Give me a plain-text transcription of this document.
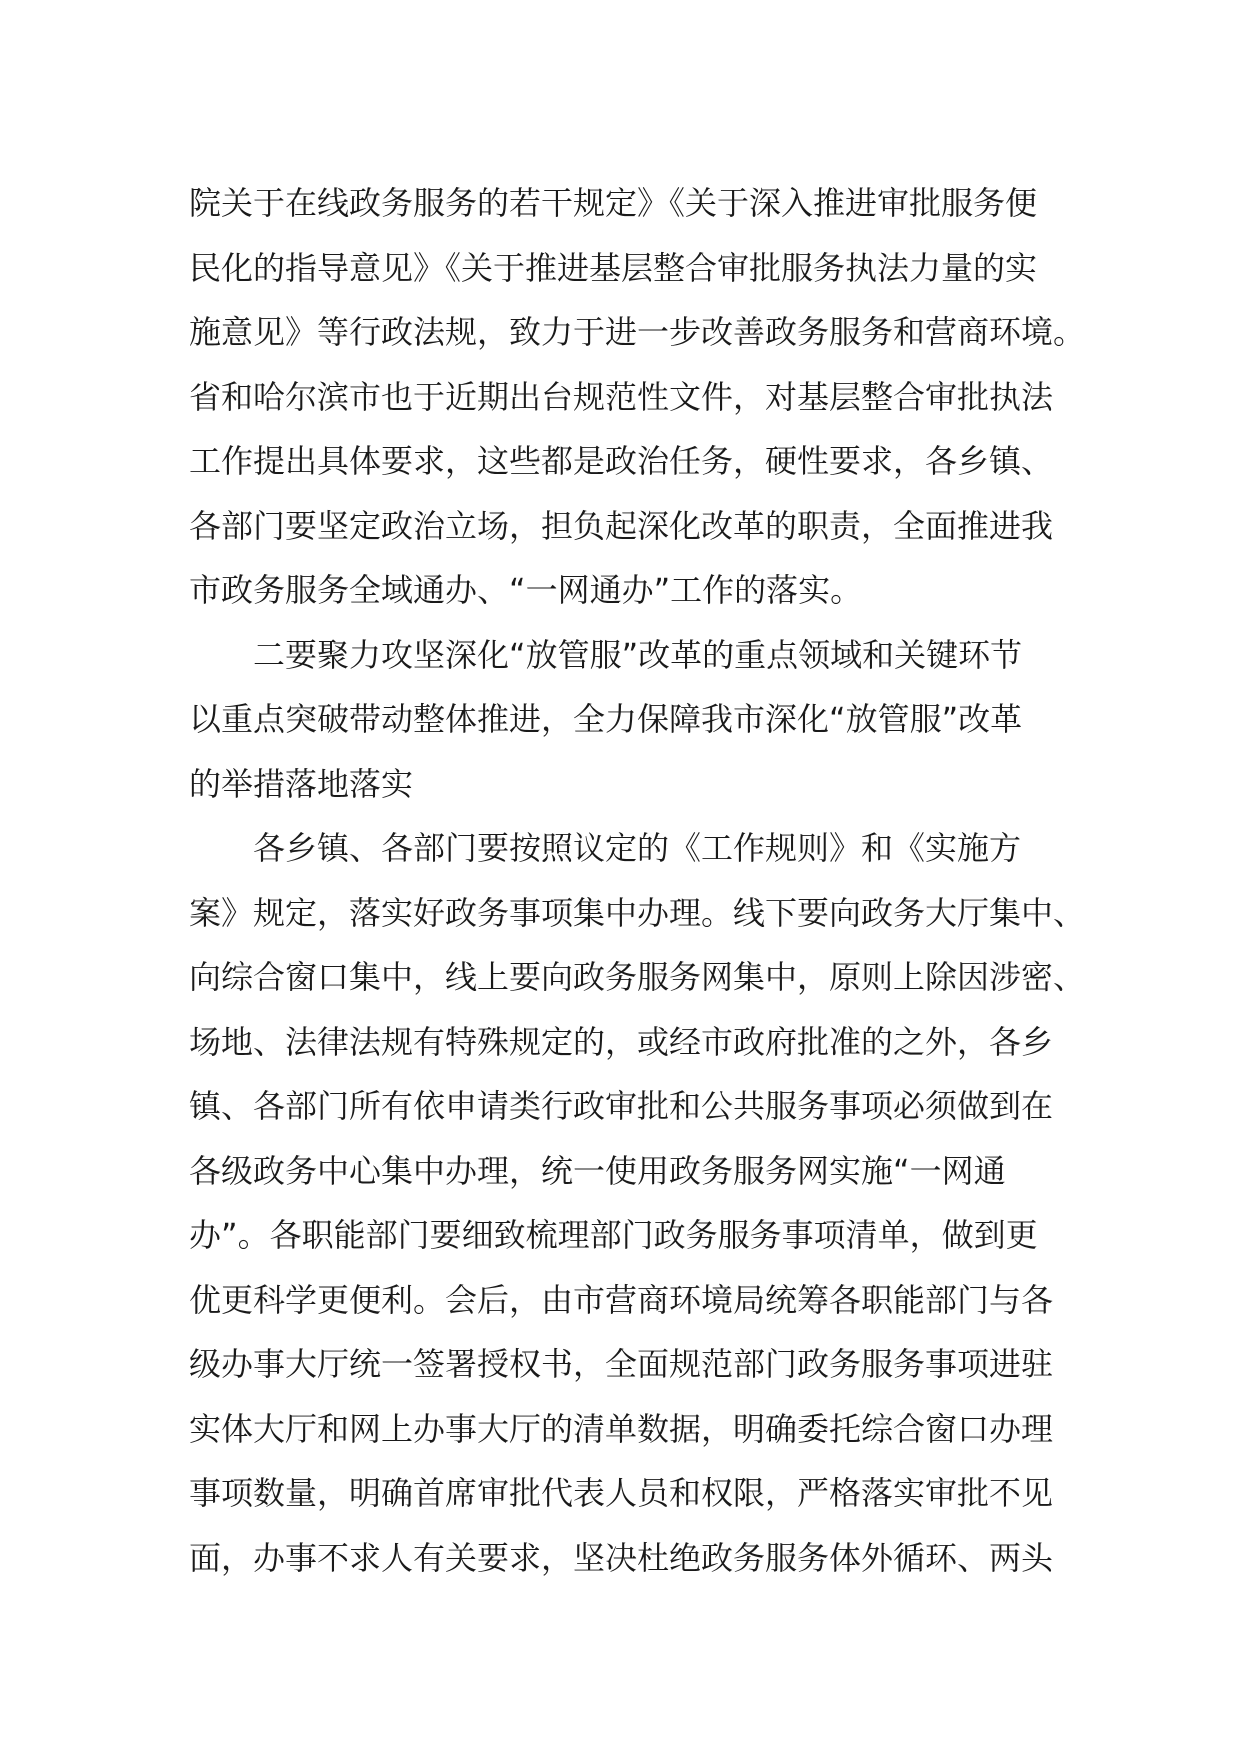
院关于在线政务服务的若干规定》《关于深入推进审批服务便
民化的指导意见》《关于推进基层整合审批服务执法力量的实
施意见》等行政法规，致力于进一步改善政务服务和营商环境。
省和哈尔滨市也于近期出台规范性文件，对基层整合审批执法
工作提出具体要求，这些都是政治任务，硬性要求，各乡镇、
各部门要坚定政治立场，担负起深化改革的职责，全面推进我
市政务服务全域通办、“一网通办”工作的落实。
二要聚力攻坚深化“放管服”改革的重点领域和关键环节
以重点突破带动整体推进，全力保障我市深化“放管服”改革
的举措落地落实
各乡镇、各部门要按照议定的《工作规则》和《实施方
案》规定，落实好政务事项集中办理。线下要向政务大厅集中、
向综合窗口集中，线上要向政务服务网集中，原则上除因涉密、
场地、法律法规有特殊规定的，或经市政府批准的之外，各乡
镇、各部门所有依申请类行政审批和公共服务事项必须做到在
各级政务中心集中办理，统一使用政务服务网实施“一网通
办”。各职能部门要细致梳理部门政务服务事项清单，做到更
优更科学更便利。会后，由市营商环境局统筹各职能部门与各
级办事大厅统一签署授权书，全面规范部门政务服务事项进驻
实体大厅和网上办事大厅的清单数据，明确委托综合窗口办理
事项数量，明确首席审批代表人员和权限，严格落实审批不见
面，办事不求人有关要求，坚决杜绝政务服务体外循环、两头
